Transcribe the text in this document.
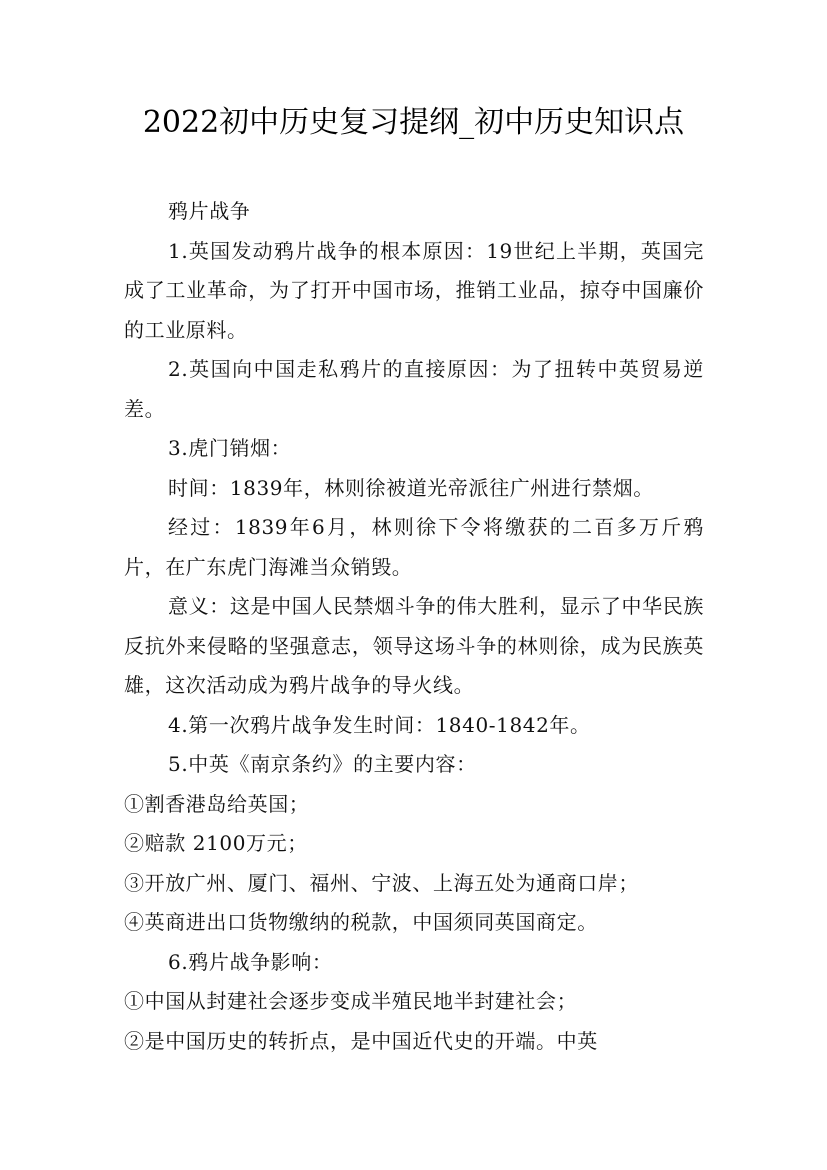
2022初中历史复习提纲_初中历史知识点

鸦片战争

1.英国发动鸦片战争的根本原因：19世纪上半期，英国完成了工业革命，为了打开中国市场，推销工业品，掠夺中国廉价的工业原料。

2.英国向中国走私鸦片的直接原因：为了扭转中英贸易逆差。

3.虎门销烟：

时间：1839年，林则徐被道光帝派往广州进行禁烟。

经过：1839年6月，林则徐下令将缴获的二百多万斤鸦片，在广东虎门海滩当众销毁。

意义：这是中国人民禁烟斗争的伟大胜利，显示了中华民族反抗外来侵略的坚强意志，领导这场斗争的林则徐，成为民族英雄，这次活动成为鸦片战争的导火线。

4.第一次鸦片战争发生时间：1840-1842年。

5.中英《南京条约》的主要内容：

①割香港岛给英国；

②赔款 2100万元；

③开放广州、厦门、福州、宁波、上海五处为通商口岸；

④英商进出口货物缴纳的税款，中国须同英国商定。

6.鸦片战争影响：

①中国从封建社会逐步变成半殖民地半封建社会；

②是中国历史的转折点，是中国近代史的开端。中英
